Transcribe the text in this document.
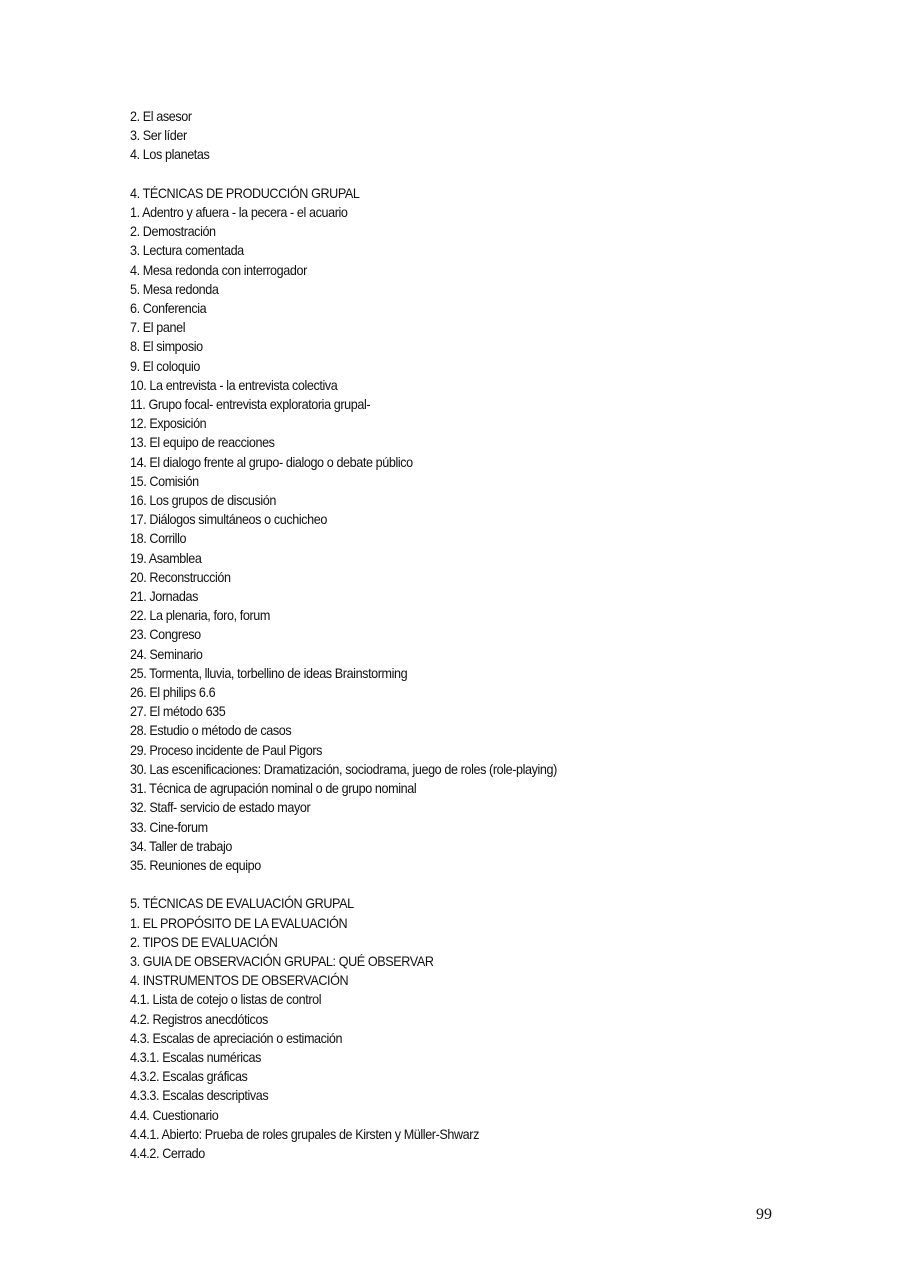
2. El asesor
3. Ser líder
4. Los planetas
4. TÉCNICAS DE PRODUCCIÓN GRUPAL
1. Adentro y afuera - la pecera - el acuario
2. Demostración
3. Lectura comentada
4. Mesa redonda con interrogador
5. Mesa redonda
6. Conferencia
7. El panel
8. El simposio
9. El coloquio
10. La entrevista - la entrevista colectiva
11. Grupo focal- entrevista exploratoria grupal-
12. Exposición
13. El equipo de reacciones
14. El dialogo frente al grupo- dialogo o debate público
15. Comisión
16. Los grupos de discusión
17. Diálogos simultáneos o cuchicheo
18. Corrillo
19. Asamblea
20. Reconstrucción
21. Jornadas
22. La plenaria, foro, forum
23. Congreso
24. Seminario
25. Tormenta, lluvia, torbellino de ideas Brainstorming
26. El philips 6.6
27. El método 635
28. Estudio o método de casos
29. Proceso incidente de Paul Pigors
30. Las escenificaciones: Dramatización, sociodrama, juego de roles (role-playing)
31. Técnica de agrupación nominal o de grupo nominal
32. Staff- servicio de estado mayor
33. Cine-forum
34. Taller de trabajo
35. Reuniones de equipo
5. TÉCNICAS DE EVALUACIÓN GRUPAL
1. EL PROPÓSITO DE LA EVALUACIÓN
2. TIPOS DE EVALUACIÓN
3. GUIA DE OBSERVACIÓN GRUPAL: QUÉ OBSERVAR
4. INSTRUMENTOS DE OBSERVACIÓN
4.1. Lista de cotejo o listas de control
4.2. Registros anecdóticos
4.3. Escalas de apreciación o estimación
4.3.1. Escalas numéricas
4.3.2. Escalas gráficas
4.3.3. Escalas descriptivas
4.4. Cuestionario
4.4.1. Abierto: Prueba de roles grupales de Kirsten y Müller-Shwarz
4.4.2. Cerrado
99
